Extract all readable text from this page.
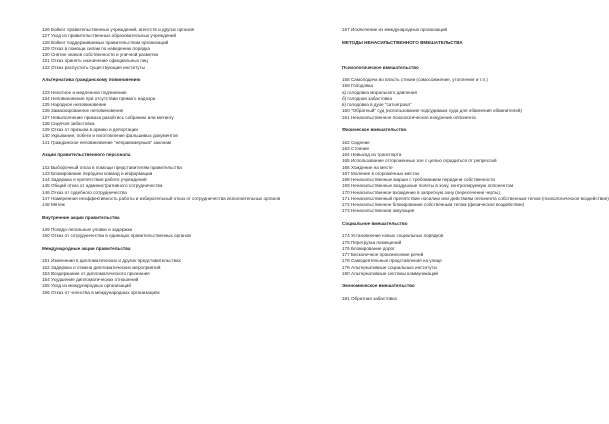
126 Бойкот правительственных учреждений, агентств и других органов
127 Уход из правительственных образовательных учреждений
128 Бойкот поддерживаемых правительством организаций
129 Отказ в помощи силам по наведению порядка
130 Снятие знаков собственности и уличной разметки
131 Отказ принять назначение официальных лиц
132 Отказ распустить существующие институты
Альтернатива гражданскому повиновению
133 Нехотное и медленное подчинение
134 Неповиновение при отсутствии прямого надзора
135 Народное неповиновение
136 Замаскированное неповиновение
137 Невыполнение приказа разойтись собранию или митингу
138 Сидячая забастовка
139 Отказ от призыва в армию и депортации
140 Укрывание, побеги и изготовление фальшивых документов
141 Гражданское неповиновение "неправомерным" законам
Акции правительственного персонала
142 Выборочный отказ в помощи представителям правительства
143 Блокирование передачи команд и информации
144 Задержка и препятствия работе учреждений
145 Общий отказ от административного сотрудничества
146 Отказ от судебного сотрудничества
147 Намеренная неэффективность работы и избирательный отказ от сотрудничества исполнительных органов
148 Мятеж
Внутренние акции правительства
149 Псевдо-легальные уловки и задержки
150 Отказ от сотрудничества в единицах правительственных органов
Международные акции правительства
151 Изменения в дипломатических и других представительствах
152 Задержка и отмена дипломатических мероприятий
153 Воздержание от дипломатического признания
154 Ухудшение дипломатических отношений
155 Уход из международных организаций
156 Отказ от членства в международных организациях
157 Исключение из международных организаций
МЕТОДЫ НЕНАСИЛЬСТВЕННОГО ВМЕШАТЕЛЬСТВА
Психологическое вмешательство
158 Самоподача во власть стихии (самосожжение, утопление и т.п.)
159 Голодовка
а) голодовка морального давления
б) голодная забастовка
в) голодовка в духе "сатьяграха"
160 "Обратный" суд (использование подсудимым суда для обвинения обвинителей)
161 Ненасильственное психологическое изнурение оппонента
Физическое вмешательство
162 Сидение
163 Стояние
164 Невыход из транспорта
165 Использование отгороженных зон с целью оградиться от репрессий
166 Хождение на месте
167 Моление в огороженных местах
168 Ненасильственные марши с требованием передачи собственности
169 Ненасильственные воздушные полеты в зону, контролируемую оппонентом
170 Ненасильственное вхождение в запретную зону (пересечение черты)
171 Ненасильственный препятствие носилию или действиям оппонента собственным телом (психологическое воздействие)
172 Ненасильственное блокирование собственным телом (физическое воздействие)
173 Ненасильственная оккупация
Социальное вмешательство
174 Установление новых социальных порядков
175 Перегрузка помещений
176 Блокирование дорог
177 Бесконечное произнесение речей
178 Самодеятельные представления на улице
179 Альтернативные социальные институты
180 Альтернативные системы коммуникаций
Экономическое вмешательство
181 Обратная забастовка
